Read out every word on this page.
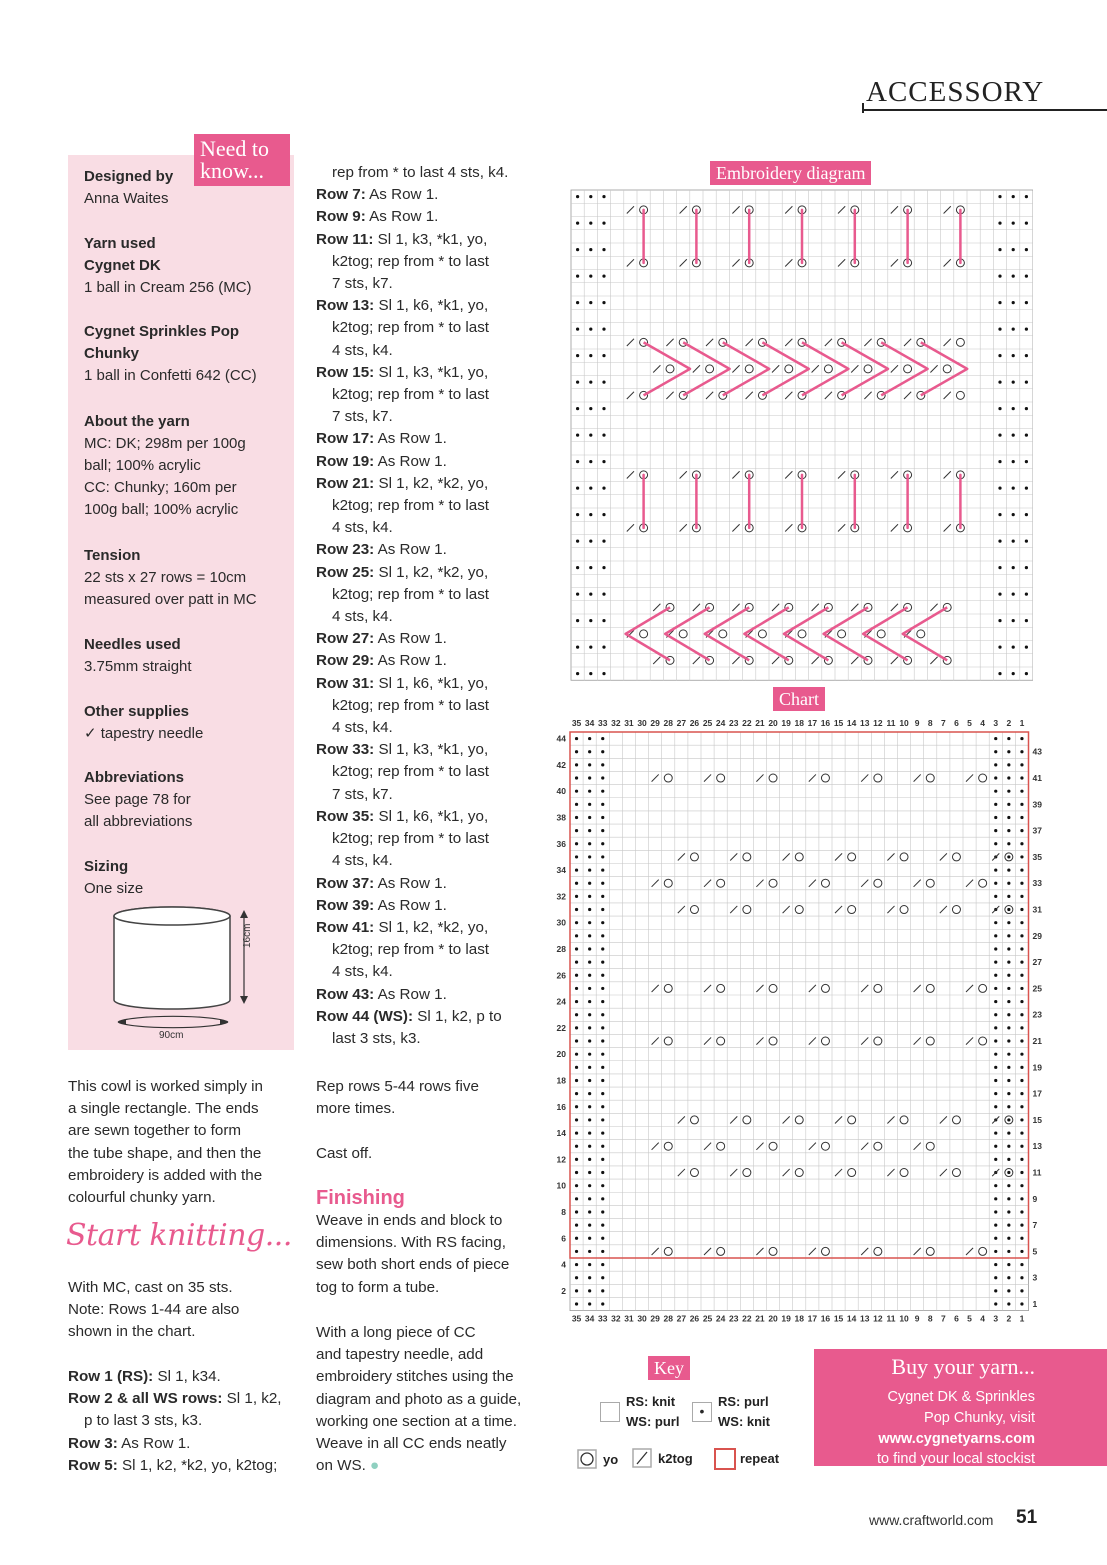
ACCESSORY
Need to know...
Designed by
Anna Waites
Yarn used
Cygnet DK
1 ball in Cream 256 (MC)
Cygnet Sprinkles Pop
Chunky
1 ball in Confetti 642 (CC)
About the yarn
MC: DK; 298m per 100g
ball; 100% acrylic
CC: Chunky; 160m per
100g ball; 100% acrylic
Tension
22 sts x 27 rows = 10cm
measured over patt in MC
Needles used
3.75mm straight
Other supplies
✓ tapestry needle
Abbreviations
See page 78 for
all abbreviations
Sizing
One size
16cm
90cm

This cowl is worked simply in

a single rectangle. The ends

are sewn together to form

the tube shape, and then the

embroidery is added with the

colourful chunky yarn.

Start knitting...

With MC, cast on 35 sts.

Note: Rows 1-44 are also

shown in the chart.

Row 1 (RS): Sl 1, k34.

Row 2 & all WS rows: Sl 1, k2,

p to last 3 sts, k3.

Row 3: As Row 1.

Row 5: Sl 1, k2, *k2, yo, k2tog;

rep from * to last 4 sts, k4.

Row 7: As Row 1.

Row 9: As Row 1.

Row 11: Sl 1, k3, *k1, yo,

k2tog; rep from * to last

7 sts, k7.

Row 13: Sl 1, k6, *k1, yo,

k2tog; rep from * to last

4 sts, k4.

Row 15: Sl 1, k3, *k1, yo,

k2tog; rep from * to last

7 sts, k7.

Row 17: As Row 1.

Row 19: As Row 1.

Row 21: Sl 1, k2, *k2, yo,

k2tog; rep from * to last

4 sts, k4.

Row 23: As Row 1.

Row 25: Sl 1, k2, *k2, yo,

k2tog; rep from * to last

4 sts, k4.

Row 27: As Row 1.

Row 29: As Row 1.

Row 31: Sl 1, k6, *k1, yo,

k2tog; rep from * to last

4 sts, k4.

Row 33: Sl 1, k3, *k1, yo,

k2tog; rep from * to last

7 sts, k7.

Row 35: Sl 1, k6, *k1, yo,

k2tog; rep from * to last

4 sts, k4.

Row 37: As Row 1.

Row 39: As Row 1.

Row 41: Sl 1, k2, *k2, yo,

k2tog; rep from * to last

4 sts, k4.

Row 43: As Row 1.

Row 44 (WS): Sl 1, k2, p to

last 3 sts, k3.

Rep rows 5-44 rows five

more times.

Cast off.
Finishing

Weave in ends and block to

dimensions. With RS facing,

sew both short ends of piece

tog to form a tube.

With a long piece of CC

and tapestry needle, add

embroidery stitches using the

diagram and photo as a guide,

working one section at a time.

Weave in all CC ends neatly

on WS. ●

Embroidery diagram
Chart
35
35
34
34
33
33
32
32
31
31
30
30
29
29
28
28
27
27
26
26
25
25
24
24
23
23
22
22
21
21
20
20
19
19
18
18
17
17
16
16
15
15
14
14
13
13
12
12
11
11
10
10
9
9
8
8
7
7
6
6
5
5
4
4
3
3
2
2
1
1
1
2
3
4
5
6
7
8
9
10
11
12
13
14
15
16
17
18
19
20
21
22
23
24
25
26
27
28
29
30
31
32
33
34
35
36
37
38
39
40
41
42
43
44
Key
RS: knit
WS: purl
•
RS: purl
WS: knit
yo	k2tog	repeat
Buy your yarn...
Cygnet DK & Sprinkles
Pop Chunky, visit
www.cygnetyarns.com
to find your local stockist
www.craftworld.com 51
